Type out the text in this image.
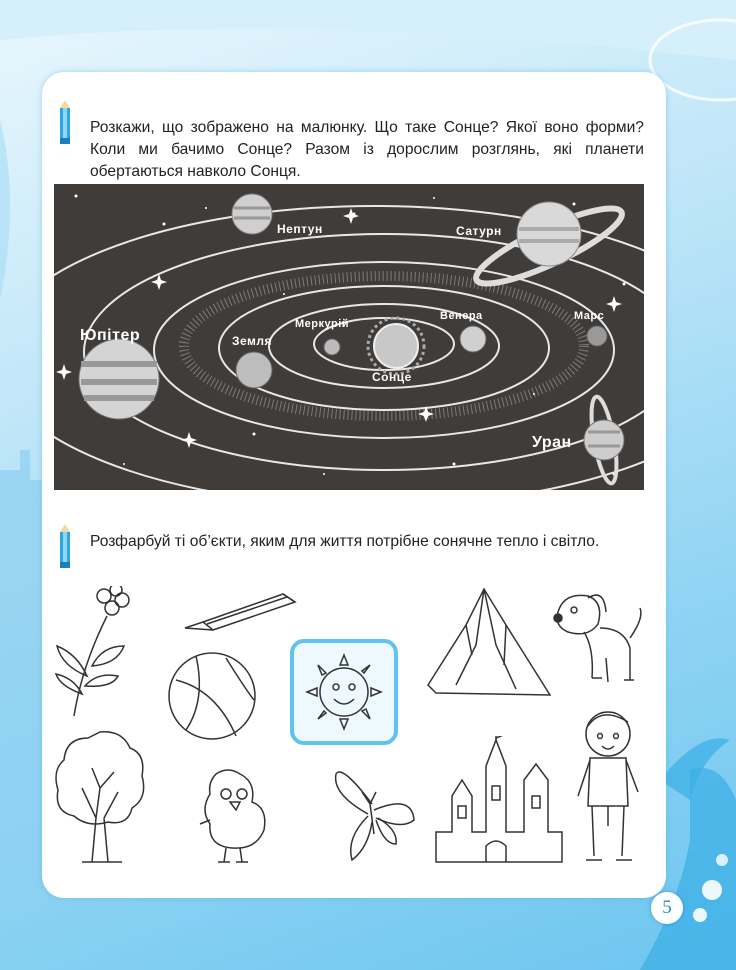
Розкажи, що зображено на малюнку. Що таке Сонце? Якої воно форми? Коли ми бачимо Сонце? Разом із дорослим розглянь, які планети обертаються навколо Сонця.

Нептун	Сатурн
Юпітер	Земля
Меркурій
Венера	Марс
Сонце
Уран

Розфарбуй ті об’єкти, яким для життя потрібне сонячне тепло і світло.

5
